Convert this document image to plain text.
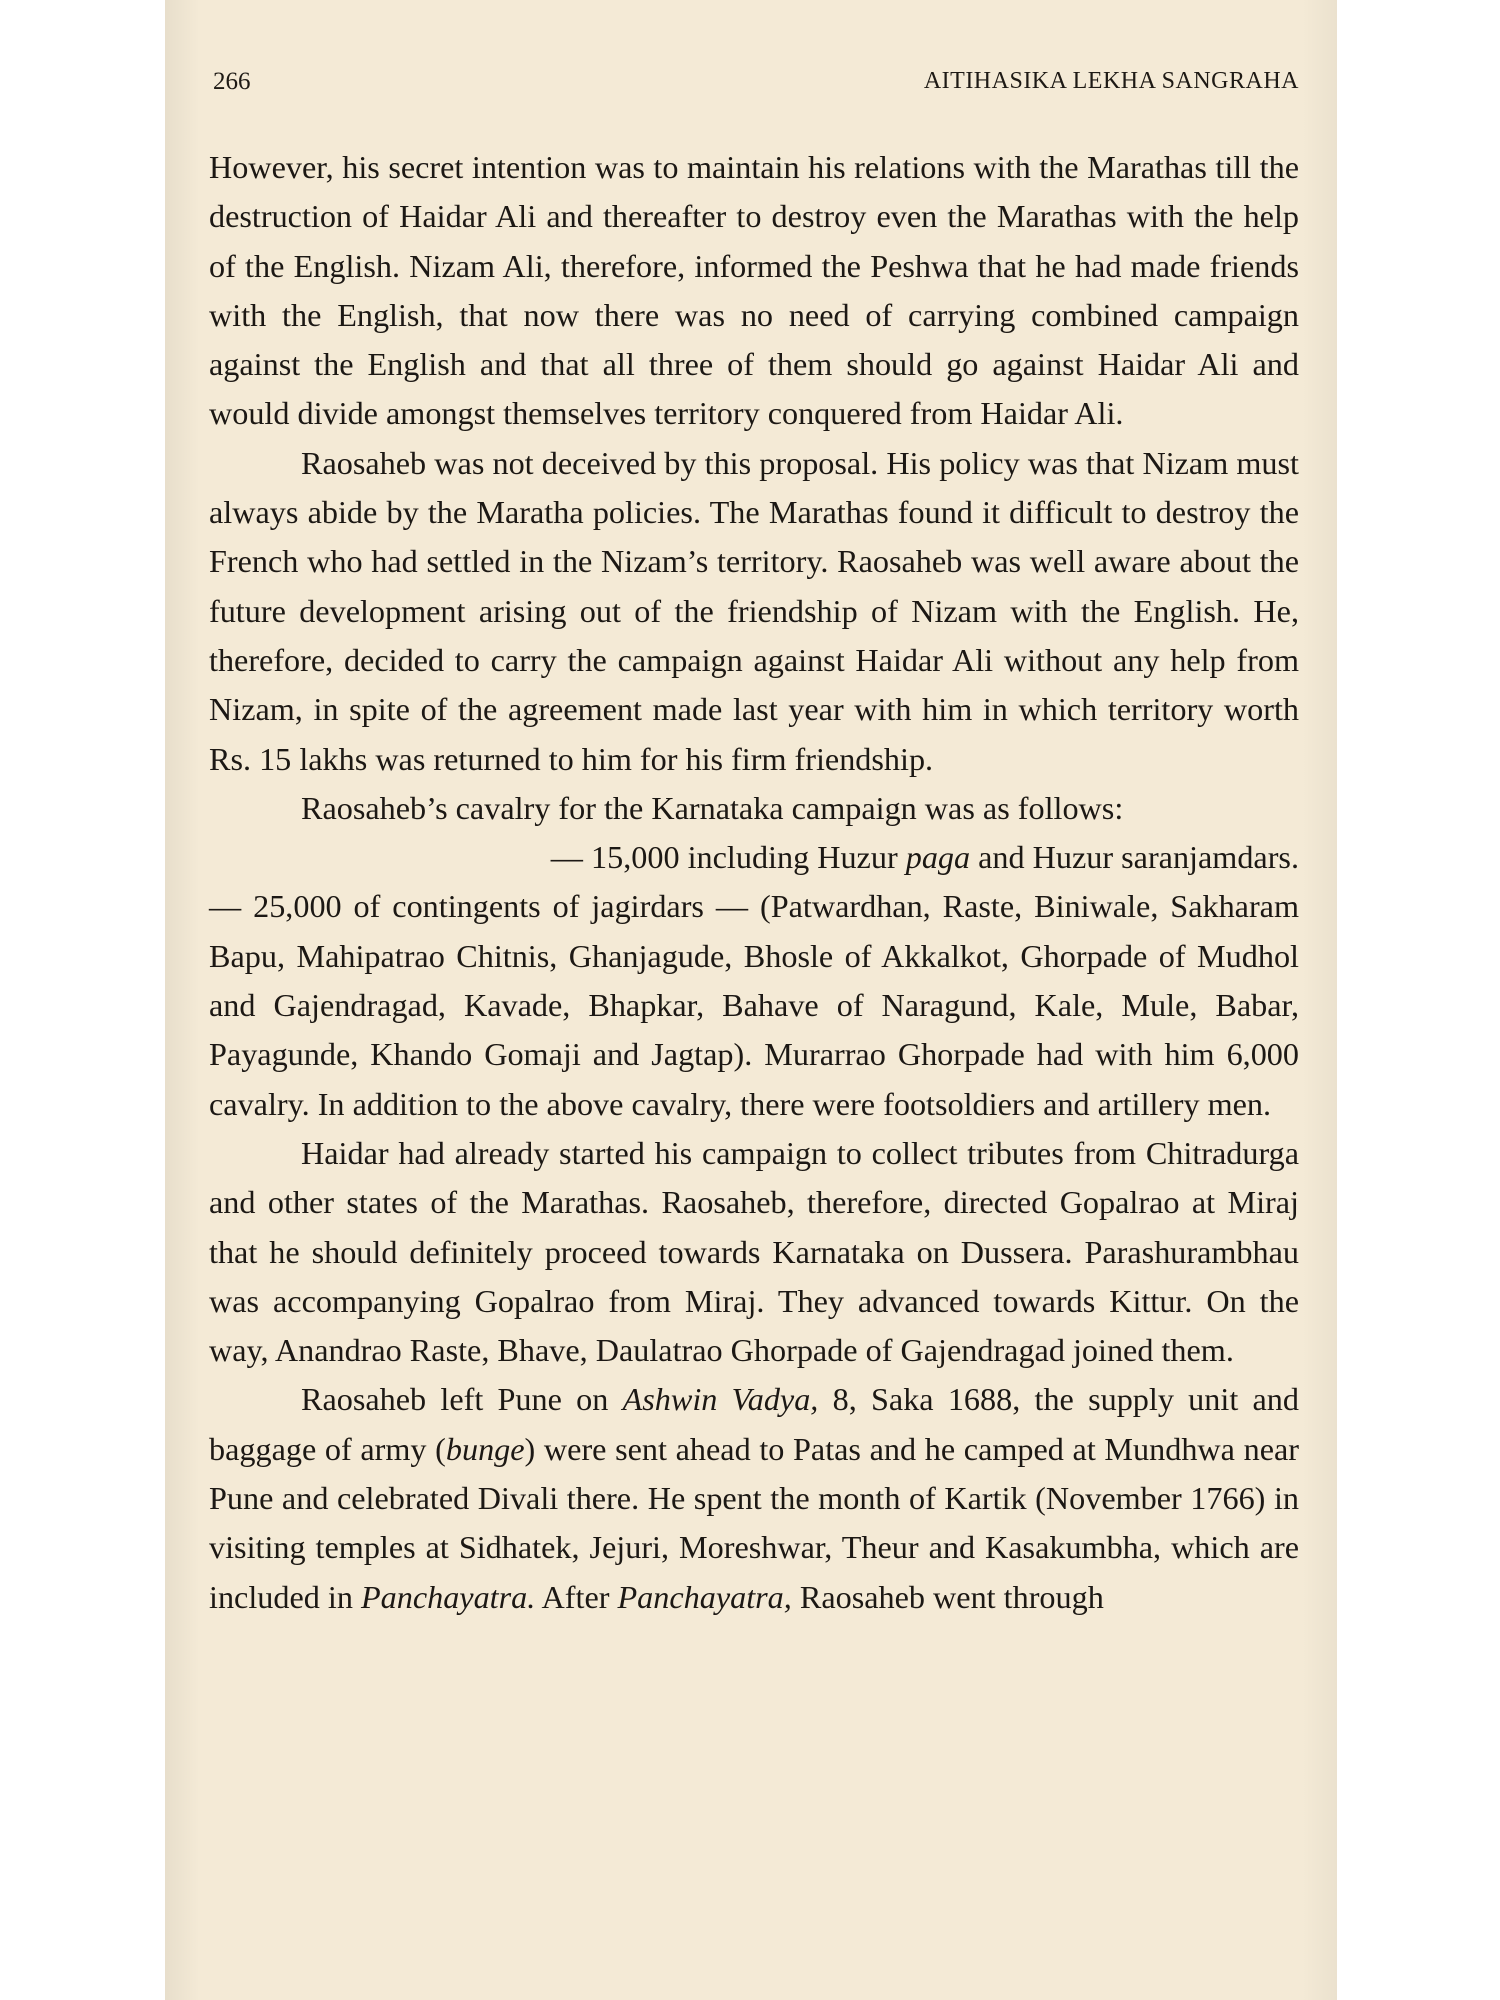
266	AITIHASIKA LEKHA SANGRAHA

However, his secret intention was to maintain his relations with the Marathas till the destruction of Haidar Ali and thereafter to destroy even the Marathas with the help of the English. Nizam Ali, therefore, informed the Peshwa that he had made friends with the English, that now there was no need of carrying combined campaign against the English and that all three of them should go against Haidar Ali and would divide amongst themselves territory conquered from Haidar Ali.

Raosaheb was not deceived by this proposal. His policy was that Nizam must always abide by the Maratha policies. The Marathas found it difficult to destroy the French who had settled in the Nizam’s territory. Raosaheb was well aware about the future development arising out of the friendship of Nizam with the English. He, therefore, decided to carry the campaign against Haidar Ali without any help from Nizam, in spite of the agreement made last year with him in which territory worth Rs. 15 lakhs was returned to him for his firm friendship.

Raosaheb’s cavalry for the Karnataka campaign was as follows:

— 15,000 including Huzur paga and Huzur saranjamdars.

— 25,000 of contingents of jagirdars — (Patwardhan, Raste, Biniwale, Sakharam Bapu, Mahipatrao Chitnis, Ghanjagude, Bhosle of Akkalkot, Ghorpade of Mudhol and Gajendragad, Kavade, Bhapkar, Bahave of Naragund, Kale, Mule, Babar, Payagunde, Khando Gomaji and Jagtap). Murarrao Ghorpade had with him 6,000 cavalry. In addition to the above cavalry, there were footsoldiers and artillery men.

Haidar had already started his campaign to collect tributes from Chitradurga and other states of the Marathas. Raosaheb, therefore, directed Gopalrao at Miraj that he should definitely proceed towards Karnataka on Dussera. Parashurambhau was accompanying Gopalrao from Miraj. They advanced towards Kittur. On the way, Anandrao Raste, Bhave, Daulatrao Ghorpade of Gajendragad joined them.

Raosaheb left Pune on Ashwin Vadya, 8, Saka 1688, the supply unit and baggage of army (bunge) were sent ahead to Patas and he camped at Mundhwa near Pune and celebrated Divali there. He spent the month of Kartik (November 1766) in visiting temples at Sidhatek, Jejuri, Moreshwar, Theur and Kasakumbha, which are included in Panchayatra. After Panchayatra, Raosaheb went through
